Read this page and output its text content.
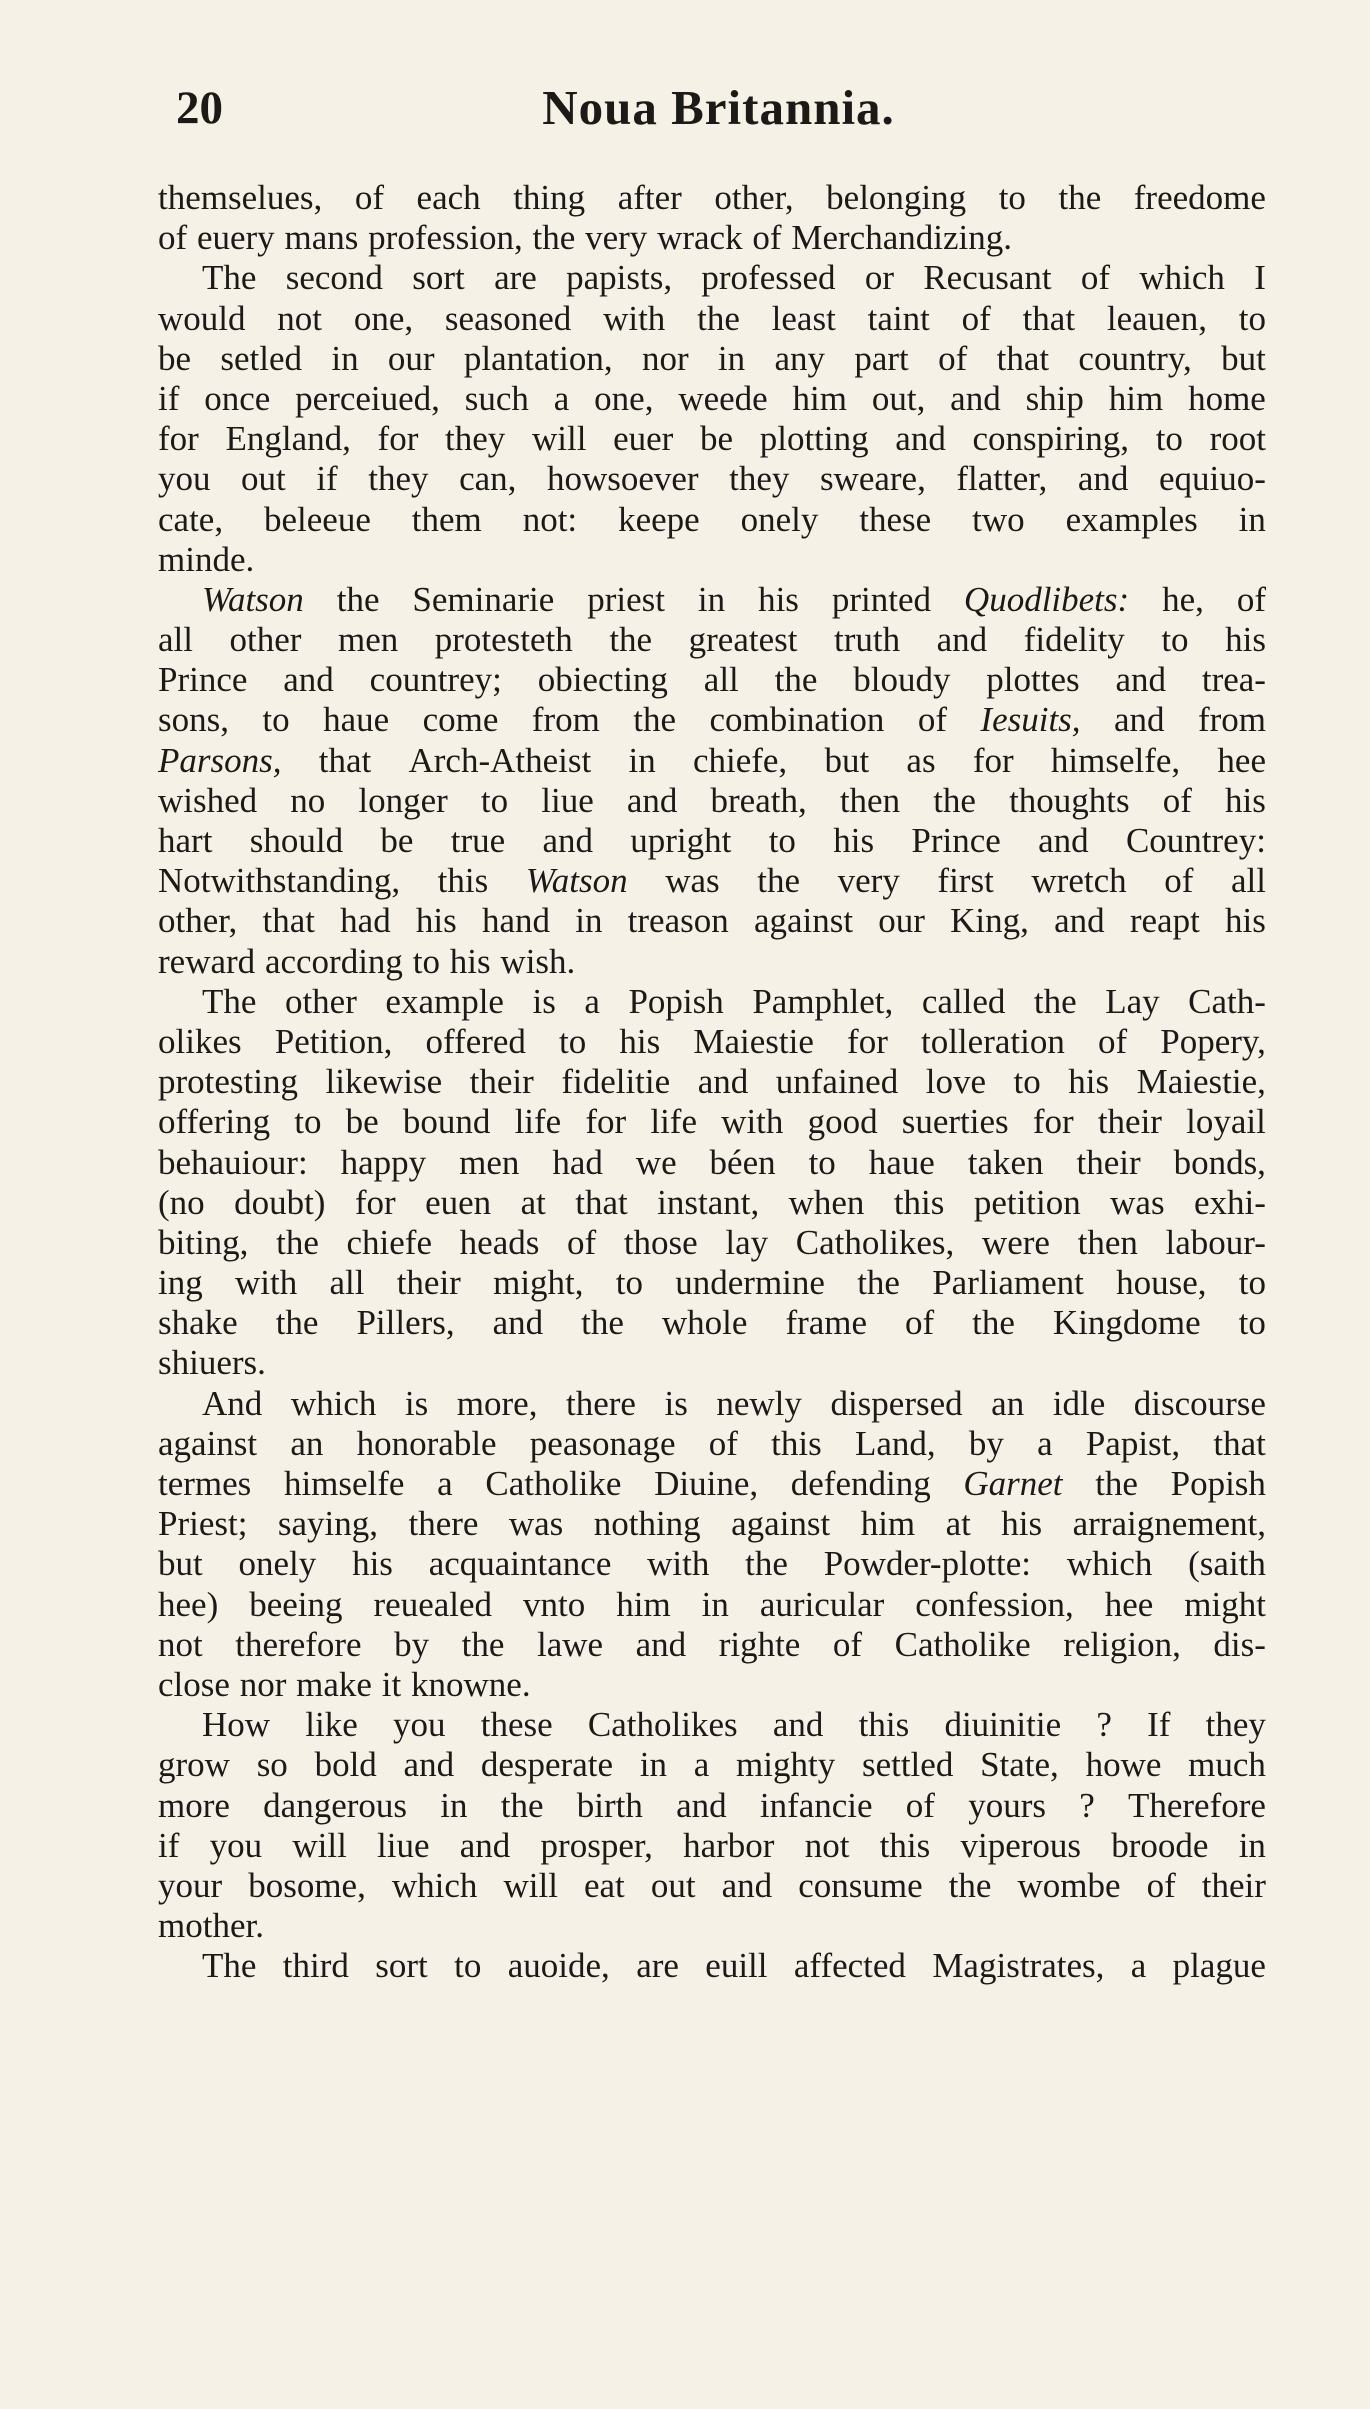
20	Noua Britannia.
themselues, of each thing after other, belonging to the freedome
of euery mans profession, the very wrack of Merchandizing.
The second sort are papists, professed or Recusant of which I
would not one, seasoned with the least taint of that leauen, to
be setled in our plantation, nor in any part of that country, but
if once perceiued, such a one, weede him out, and ship him home
for England, for they will euer be plotting and conspiring, to root
you out if they can, howsoever they sweare, flatter, and equiuo-
cate, beleeue them not: keepe onely these two examples in
minde.
Watson the Seminarie priest in his printed Quodlibets: he, of
all other men protesteth the greatest truth and fidelity to his
Prince and countrey; obiecting all the bloudy plottes and trea-
sons, to haue come from the combination of Iesuits, and from
Parsons, that Arch-Atheist in chiefe, but as for himselfe, hee
wished no longer to liue and breath, then the thoughts of his
hart should be true and upright to his Prince and Countrey:
Notwithstanding, this Watson was the very first wretch of all
other, that had his hand in treason against our King, and reapt his
reward according to his wish.
The other example is a Popish Pamphlet, called the Lay Cath-
olikes Petition, offered to his Maiestie for tolleration of Popery,
protesting likewise their fidelitie and unfained love to his Maiestie,
offering to be bound life for life with good suerties for their loyail
behauiour: happy men had we béen to haue taken their bonds,
(no doubt) for euen at that instant, when this petition was exhi-
biting, the chiefe heads of those lay Catholikes, were then labour-
ing with all their might, to undermine the Parliament house, to
shake the Pillers, and the whole frame of the Kingdome to
shiuers.
And which is more, there is newly dispersed an idle discourse
against an honorable peasonage of this Land, by a Papist, that
termes himselfe a Catholike Diuine, defending Garnet the Popish
Priest; saying, there was nothing against him at his arraignement,
but onely his acquaintance with the Powder-plotte: which (saith
hee) beeing reuealed vnto him in auricular confession, hee might
not therefore by the lawe and righte of Catholike religion, dis-
close nor make it knowne.
How like you these Catholikes and this diuinitie ? If they
grow so bold and desperate in a mighty settled State, howe much
more dangerous in the birth and infancie of yours ? Therefore
if you will liue and prosper, harbor not this viperous broode in
your bosome, which will eat out and consume the wombe of their
mother.
The third sort to auoide, are euill affected Magistrates, a plague
